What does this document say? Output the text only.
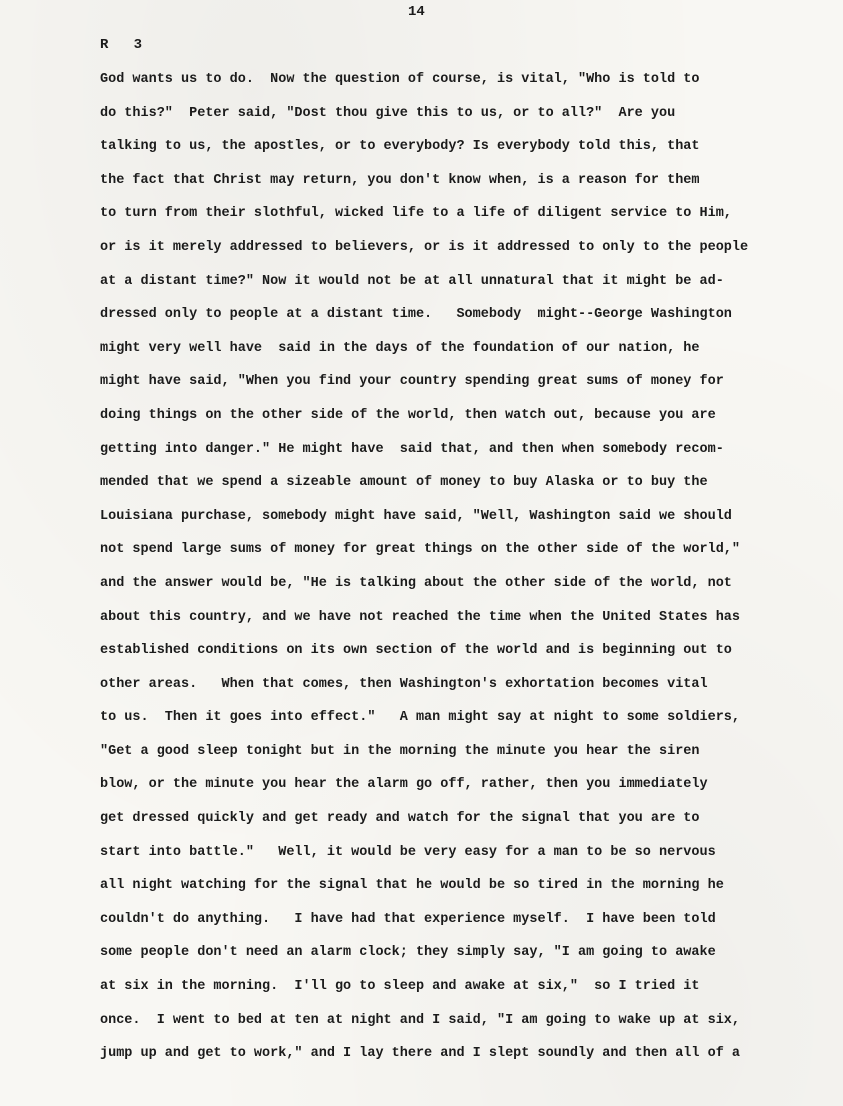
14
R   3
God wants us to do.  Now the question of course, is vital, "Who is told to
do this?"  Peter said, "Dost thou give this to us, or to all?"  Are you
talking to us, the apostles, or to everybody? Is everybody told this, that
the fact that Christ may return, you don't know when, is a reason for them
to turn from their slothful, wicked life to a life of diligent service to Him,
or is it merely addressed to believers, or is it addressed to only to the people
at a distant time?" Now it would not be at all unnatural that it might be ad-
dressed only to people at a distant time.   Somebody  might--George Washington
might very well have  said in the days of the foundation of our nation, he
might have said, "When you find your country spending great sums of money for
doing things on the other side of the world, then watch out, because you are
getting into danger." He might have  said that, and then when somebody recom-
mended that we spend a sizeable amount of money to buy Alaska or to buy the
Louisiana purchase, somebody might have said, "Well, Washington said we should
not spend large sums of money for great things on the other side of the world,"
and the answer would be, "He is talking about the other side of the world, not
about this country, and we have not reached the time when the United States has
established conditions on its own section of the world and is beginning out to
other areas.   When that comes, then Washington's exhortation becomes vital
to us.  Then it goes into effect."   A man might say at night to some soldiers,
"Get a good sleep tonight but in the morning the minute you hear the siren
blow, or the minute you hear the alarm go off, rather, then you immediately
get dressed quickly and get ready and watch for the signal that you are to
start into battle."   Well, it would be very easy for a man to be so nervous
all night watching for the signal that he would be so tired in the morning he
couldn't do anything.   I have had that experience myself.  I have been told
some people don't need an alarm clock; they simply say, "I am going to awake
at six in the morning.  I'll go to sleep and awake at six,"  so I tried it
once.  I went to bed at ten at night and I said, "I am going to wake up at six,
jump up and get to work," and I lay there and I slept soundly and then all of a
